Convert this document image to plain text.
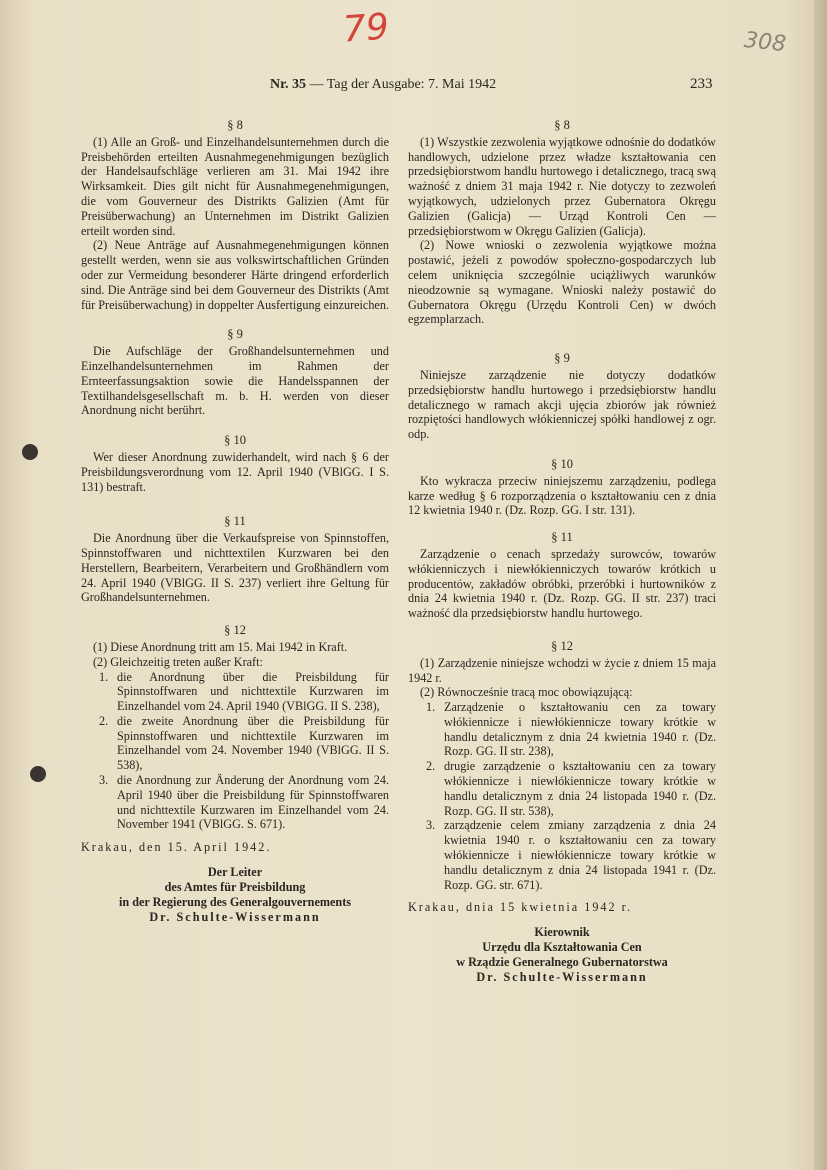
79	308
Nr. 35 — Tag der Ausgabe: 7. Mai 1942	233
§ 8

(1) Alle an Groß- und Einzelhandelsunternehmen durch die Preisbehörden erteilten Ausnahmegenehmigungen bezüglich der Handelsaufschläge verlieren am 31. Mai 1942 ihre Wirksamkeit. Dies gilt nicht für Ausnahmegenehmigungen, die vom Gouverneur des Distrikts Galizien (Amt für Preisüberwachung) an Unternehmen im Distrikt Galizien erteilt worden sind.

(2) Neue Anträge auf Ausnahmegenehmigungen können gestellt werden, wenn sie aus volkswirtschaftlichen Gründen oder zur Vermeidung besonderer Härte dringend erforderlich sind. Die Anträge sind bei dem Gouverneur des Distrikts (Amt für Preisüberwachung) in doppelter Ausfertigung einzureichen.

§ 9

Die Aufschläge der Großhandelsunternehmen und Einzelhandelsunternehmen im Rahmen der Ernteerfassungsaktion sowie die Handelsspannen der Textilhandelsgesellschaft m. b. H. werden von dieser Anordnung nicht berührt.

§ 10

Wer dieser Anordnung zuwiderhandelt, wird nach § 6 der Preisbildungsverordnung vom 12. April 1940 (VBlGG. I S. 131) bestraft.

§ 11

Die Anordnung über die Verkaufspreise von Spinnstoffen, Spinnstoffwaren und nichttextilen Kurzwaren bei den Herstellern, Bearbeitern, Verarbeitern und Großhändlern vom 24. April 1940 (VBlGG. II S. 237) verliert ihre Geltung für Großhandelsunternehmen.

§ 12

(1) Diese Anordnung tritt am 15. Mai 1942 in Kraft.

(2) Gleichzeitig treten außer Kraft:

1. die Anordnung über die Preisbildung für Spinnstoffwaren und nichttextile Kurzwaren im Einzelhandel vom 24. April 1940 (VBlGG. II S. 238),
2. die zweite Anordnung über die Preisbildung für Spinnstoffwaren und nichttextile Kurzwaren im Einzelhandel vom 24. November 1940 (VBlGG. II S. 538),
3. die Anordnung zur Änderung der Anordnung vom 24. April 1940 über die Preisbildung für Spinnstoffwaren und nichttextile Kurzwaren im Einzelhandel vom 24. November 1941 (VBlGG. S. 671).
Krakau, den 15. April 1942.
Der Leiter
des Amtes für Preisbildung
in der Regierung des Generalgouvernements
Dr. Schulte-Wissermann
§ 8

(1) Wszystkie zezwolenia wyjątkowe odnośnie do dodatków handlowych, udzielone przez władze kształtowania cen przedsiębiorstwom handlu hurtowego i detalicznego, tracą swą ważność z dniem 31 maja 1942 r. Nie dotyczy to zezwoleń wyjątkowych, udzielonych przez Gubernatora Okręgu Galizien (Galicja) — Urząd Kontroli Cen — przedsiębiorstwom w Okręgu Galizien (Galicja).

(2) Nowe wnioski o zezwolenia wyjątkowe można postawić, jeżeli z powodów społeczno-gospodarczych lub celem uniknięcia szczególnie uciążliwych warunków nieodzownie są wymagane. Wnioski należy postawić do Gubernatora Okręgu (Urzędu Kontroli Cen) w dwóch egzemplarzach.

§ 9

Niniejsze zarządzenie nie dotyczy dodatków przedsiębiorstw handlu hurtowego i przedsiębiorstw handlu detalicznego w ramach akcji ujęcia zbiorów jak również rozpiętości handlowych włókienniczej spółki handlowej z ogr. odp.

§ 10

Kto wykracza przeciw niniejszemu zarządzeniu, podlega karze według § 6 rozporządzenia o kształtowaniu cen z dnia 12 kwietnia 1940 r. (Dz. Rozp. GG. I str. 131).

§ 11

Zarządzenie o cenach sprzedaży surowców, towarów włókienniczych i niewłókienniczych towarów krótkich u producentów, zakładów obróbki, przeróbki i hurtowników z dnia 24 kwietnia 1940 r. (Dz. Rozp. GG. II str. 237) traci ważność dla przedsiębiorstw handlu hurtowego.

§ 12

(1) Zarządzenie niniejsze wchodzi w życie z dniem 15 maja 1942 r.

(2) Równocześnie tracą moc obowiązującą:

1. Zarządzenie o kształtowaniu cen za towary włókiennicze i niewłókiennicze towary krótkie w handlu detalicznym z dnia 24 kwietnia 1940 r. (Dz. Rozp. GG. II str. 238),
2. drugie zarządzenie o kształtowaniu cen za towary włókiennicze i niewłókiennicze towary krótkie w handlu detalicznym z dnia 24 listopada 1940 r. (Dz. Rozp. GG. II str. 538),
3. zarządzenie celem zmiany zarządzenia z dnia 24 kwietnia 1940 r. o kształtowaniu cen za towary włókiennicze i niewłókiennicze towary krótkie w handlu detalicznym z dnia 24 listopada 1941 r. (Dz. Rozp. GG. str. 671).
Krakau, dnia 15 kwietnia 1942 r.
Kierownik
Urzędu dla Kształtowania Cen
w Rządzie Generalnego Gubernatorstwa
Dr. Schulte-Wissermann
